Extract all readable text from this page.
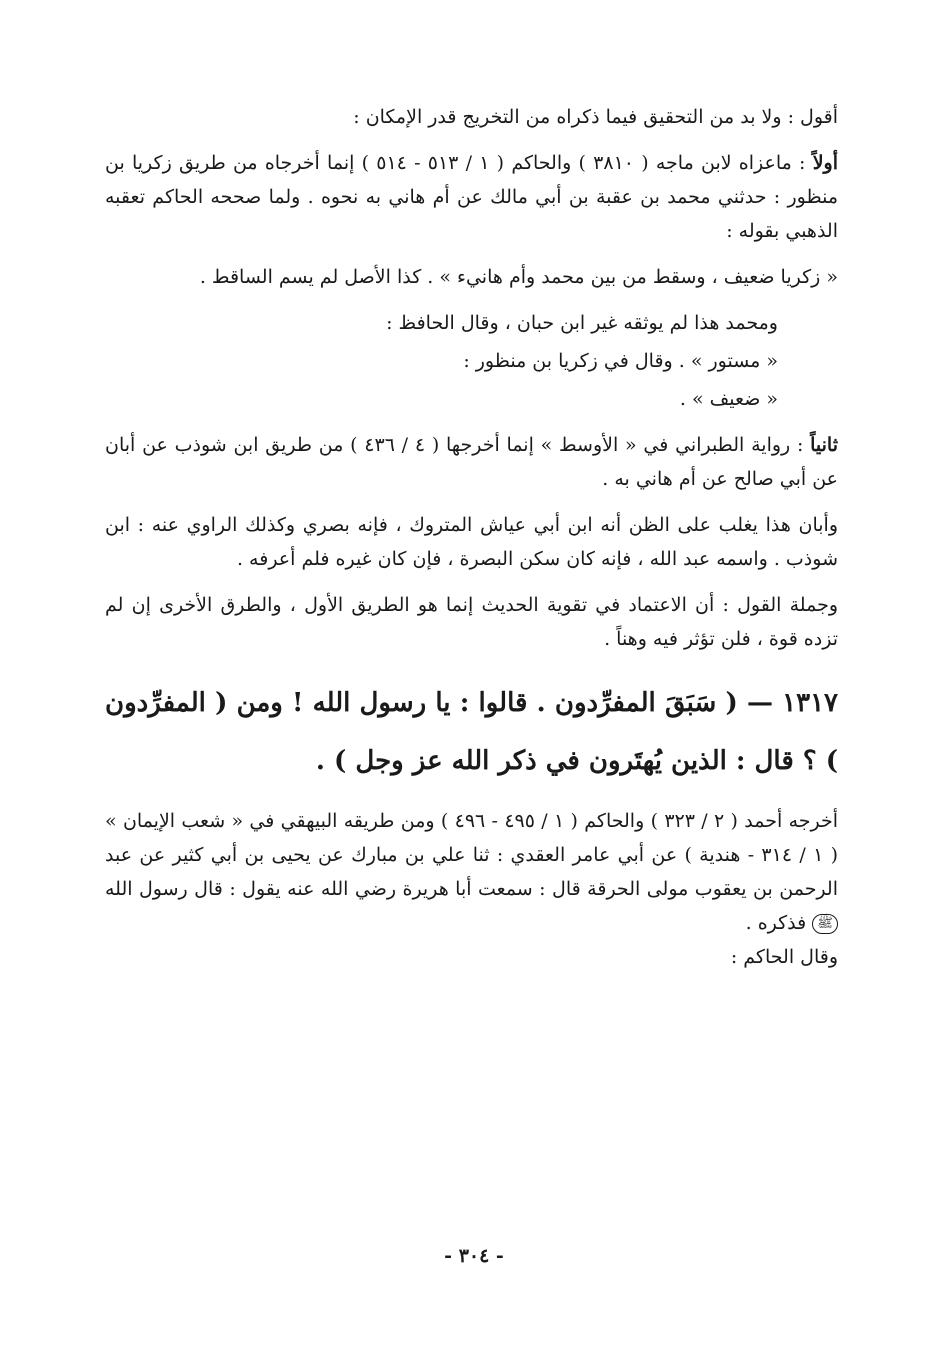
أقول : ولا بد من التحقيق فيما ذكراه من التخريج قدر الإمكان :

أولاً : ماعزاه لابن ماجه ( ٣٨١٠ ) والحاكم ( ١ / ٥١٣ - ٥١٤ ) إنما أخرجاه من طريق زكريا بن منظور : حدثني محمد بن عقبة بن أبي مالك عن أم هاني به نحوه . ولما صححه الحاكم تعقبه الذهبي بقوله :

« زكريا ضعيف ، وسقط من بين محمد وأم هانيء » . كذا الأصل لم يسم الساقط .

ومحمد هذا لم يوثقه غير ابن حبان ، وقال الحافظ :

« مستور » . وقال في زكريا بن منظور :

« ضعيف » .

ثانياً : رواية الطبراني في « الأوسط » إنما أخرجها ( ٤ / ٤٣٦ ) من طريق ابن شوذب عن أبان عن أبي صالح عن أم هاني به .

وأبان هذا يغلب على الظن أنه ابن أبي عياش المتروك ، فإنه بصري وكذلك الراوي عنه : ابن شوذب . واسمه عبد الله ، فإنه كان سكن البصرة ، فإن كان غيره فلم أعرفه .

وجملة القول : أن الاعتماد في تقوية الحديث إنما هو الطريق الأول ، والطرق الأخرى إن لم تزده قوة ، فلن تؤثر فيه وهناً .

١٣١٧ — ( سَبَقَ المفرِّدون . قالوا : يا رسول الله ! ومن ( المفرِّدون ) ؟ قال : الذين يُهتَرون في ذكر الله عز وجل ) .

أخرجه أحمد ( ٢ / ٣٢٣ ) والحاكم ( ١ / ٤٩٥ - ٤٩٦ ) ومن طريقه البيهقي في « شعب الإيمان » ( ١ / ٣١٤ - هندية ) عن أبي عامر العقدي : ثنا علي بن مبارك عن يحيى بن أبي كثير عن عبد الرحمن بن يعقوب مولى الحرقة قال : سمعت أبا هريرة رضي الله عنه يقول : قال رسول الله ﷺ فذكره .
وقال الحاكم :

- ٣٠٤ -
